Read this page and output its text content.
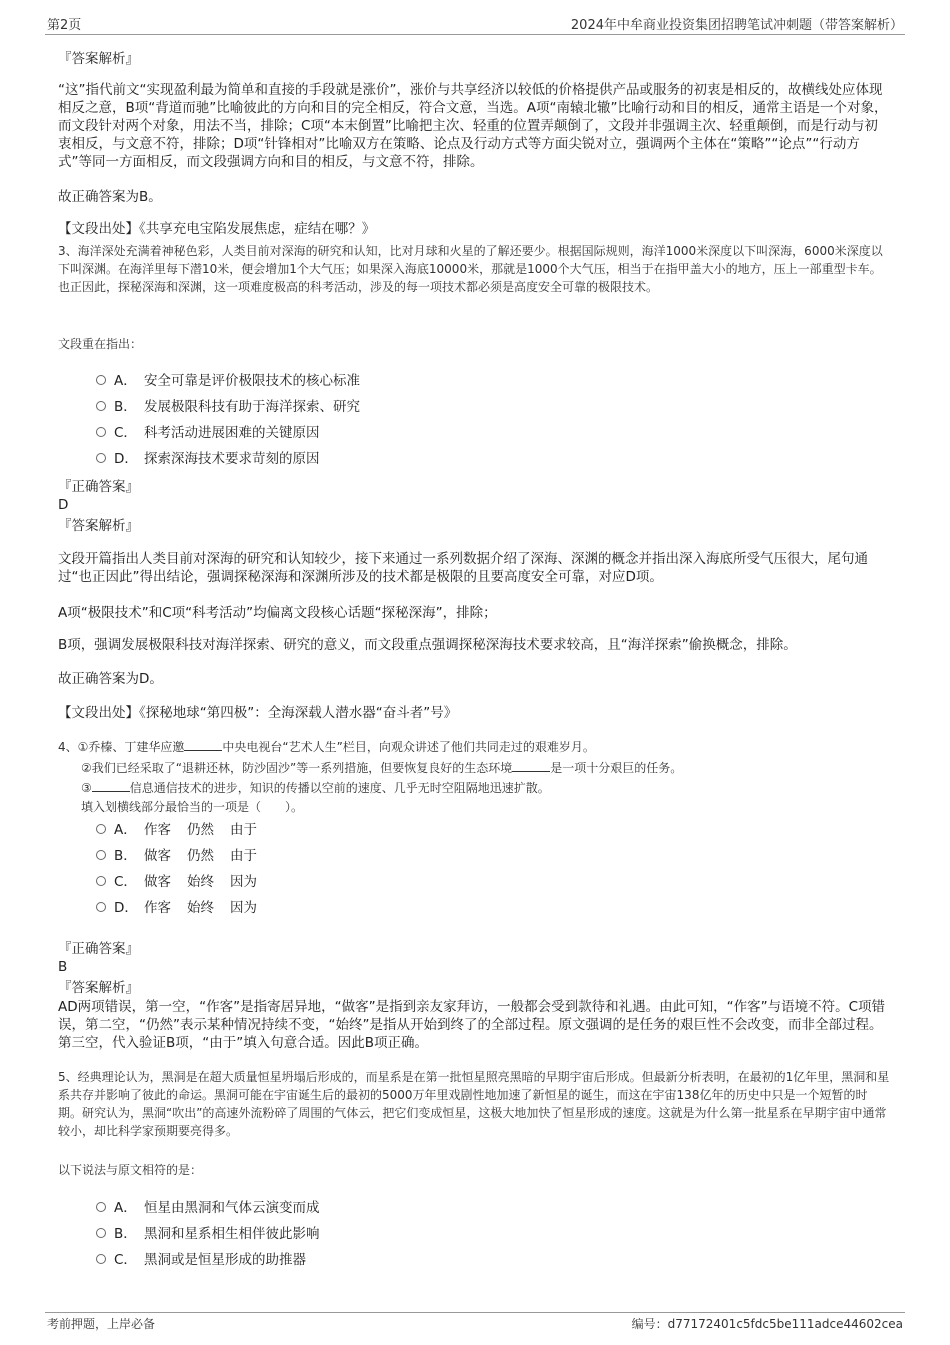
第2页	2024年中牟商业投资集团招聘笔试冲刺题（带答案解析）
『答案解析』
“这”指代前文“实现盈利最为简单和直接的手段就是涨价”，涨价与共享经济以较低的价格提供产品或服务的初衷是相反的，故横线处应体现相反之意，B项“背道而驰”比喻彼此的方向和目的完全相反，符合文意，当选。A项“南辕北辙”比喻行动和目的相反，通常主语是一个对象，而文段针对两个对象，用法不当，排除；C项“本末倒置”比喻把主次、轻重的位置弄颠倒了，文段并非强调主次、轻重颠倒，而是行动与初衷相反，与文意不符，排除；D项“针锋相对”比喻双方在策略、论点及行动方式等方面尖锐对立，强调两个主体在“策略”“论点”“行动方式”等同一方面相反，而文段强调方向和目的相反，与文意不符，排除。
故正确答案为B。
【文段出处】《共享充电宝陷发展焦虑，症结在哪？》
3、海洋深处充满着神秘色彩，人类目前对深海的研究和认知，比对月球和火星的了解还要少。根据国际规则，海洋1000米深度以下叫深海，6000米深度以下叫深渊。在海洋里每下潜10米，便会增加1个大气压；如果深入海底10000米，那就是1000个大气压，相当于在指甲盖大小的地方，压上一部重型卡车。也正因此，探秘深海和深渊，这一项难度极高的科考活动，涉及的每一项技术都必须是高度安全可靠的极限技术。
文段重在指出：
A． 安全可靠是评价极限技术的核心标准
B． 发展极限科技有助于海洋探索、研究
C． 科考活动进展困难的关键原因
D． 探索深海技术要求苛刻的原因
『正确答案』
D
『答案解析』
文段开篇指出人类目前对深海的研究和认知较少，接下来通过一系列数据介绍了深海、深渊的概念并指出深入海底所受气压很大，尾句通过“也正因此”得出结论，强调探秘深海和深渊所涉及的技术都是极限的且要高度安全可靠，对应D项。
A项“极限技术”和C项“科考活动”均偏离文段核心话题“探秘深海”，排除；
B项，强调发展极限科技对海洋探索、研究的意义，而文段重点强调探秘深海技术要求较高，且“海洋探索”偷换概念，排除。
故正确答案为D。
【文段出处】《探秘地球“第四极”：全海深载人潜水器“奋斗者”号》
4、①乔榛、丁建华应邀	中央电视台“艺术人生”栏目，向观众讲述了他们共同走过的艰难岁月。
②我们已经采取了“退耕还林，防沙固沙”等一系列措施，但要恢复良好的生态环境	是一项十分艰巨的任务。
③	信息通信技术的进步，知识的传播以空前的速度、几乎无时空阻隔地迅速扩散。
填入划横线部分最恰当的一项是（　　）。
A． 作客 仍然 由于
B． 做客 仍然 由于
C． 做客 始终 因为
D． 作客 始终 因为
『正确答案』
B
『答案解析』
AD两项错误，第一空，“作客”是指寄居异地，“做客”是指到亲友家拜访，一般都会受到款待和礼遇。由此可知，“作客”与语境不符。C项错误，第二空，“仍然”表示某种情况持续不变，“始终”是指从开始到终了的全部过程。原文强调的是任务的艰巨性不会改变，而非全部过程。第三空，代入验证B项，“由于”填入句意合适。因此B项正确。
5、经典理论认为，黑洞是在超大质量恒星坍塌后形成的，而星系是在第一批恒星照亮黑暗的早期宇宙后形成。但最新分析表明，在最初的1亿年里，黑洞和星系共存并影响了彼此的命运。黑洞可能在宇宙诞生后的最初的5000万年里戏剧性地加速了新恒星的诞生，而这在宇宙138亿年的历史中只是一个短暂的时期。研究认为，黑洞“吹出”的高速外流粉碎了周围的气体云，把它们变成恒星，这极大地加快了恒星形成的速度。这就是为什么第一批星系在早期宇宙中通常较小，却比科学家预期要亮得多。
以下说法与原文相符的是：
A． 恒星由黑洞和气体云演变而成
B． 黑洞和星系相生相伴彼此影响
C． 黑洞或是恒星形成的助推器
考前押题，上岸必备	编号：d77172401c5fdc5be111adce44602cea
